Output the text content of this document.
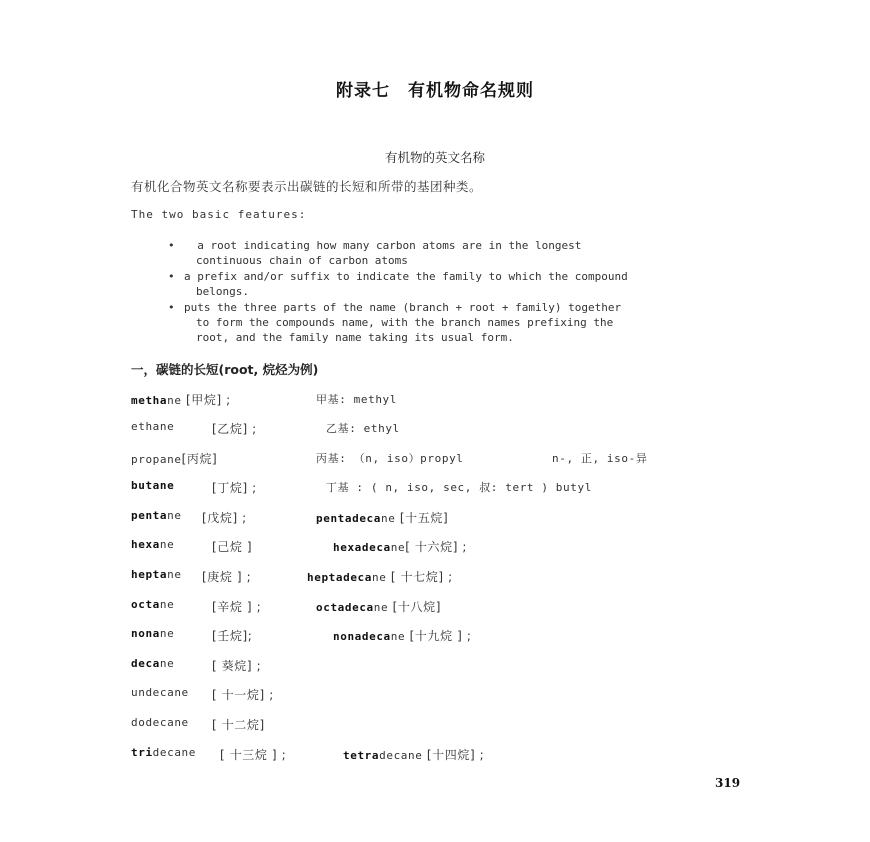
附录七　有机物命名规则
有机物的英文名称
有机化合物英文名称要表示出碳链的长短和所带的基团种类。
The two basic features:
• a root indicating how many carbon atoms are in the longest
continuous chain of carbon atoms
• a prefix and/or suffix to indicate the family to which the compound
belongs.
• puts the three parts of the name (branch + root + family) together
to form the compounds name, with the branch names prefixing the
root, and the family name taking its usual form.
一，碳链的长短(root, 烷烃为例)
methane [甲烷] ;	甲基: methyl
ethane	[乙烷] ;	乙基: ethyl
propane[丙烷]	丙基: （n, iso）propyl	n-, 正, iso-异
butane	[丁烷] ;	丁基 : ( n, iso, sec, 叔: tert ) butyl
pentane [戊烷] ;	pentadecane [十五烷]
hexane	[己烷 ]	hexadecane[ 十六烷] ;
heptane [庚烷 ] ;	heptadecane [ 十七烷] ;
octane	[辛烷 ] ;	octadecane [十八烷]
nonane	[壬烷];	nonadecane [十九烷 ] ;
decane	[ 葵烷] ;
undecane [ 十一烷] ;
dodecane [ 十二烷]
tridecane [ 十三烷 ] ;	tetradecane [十四烷] ;
319
